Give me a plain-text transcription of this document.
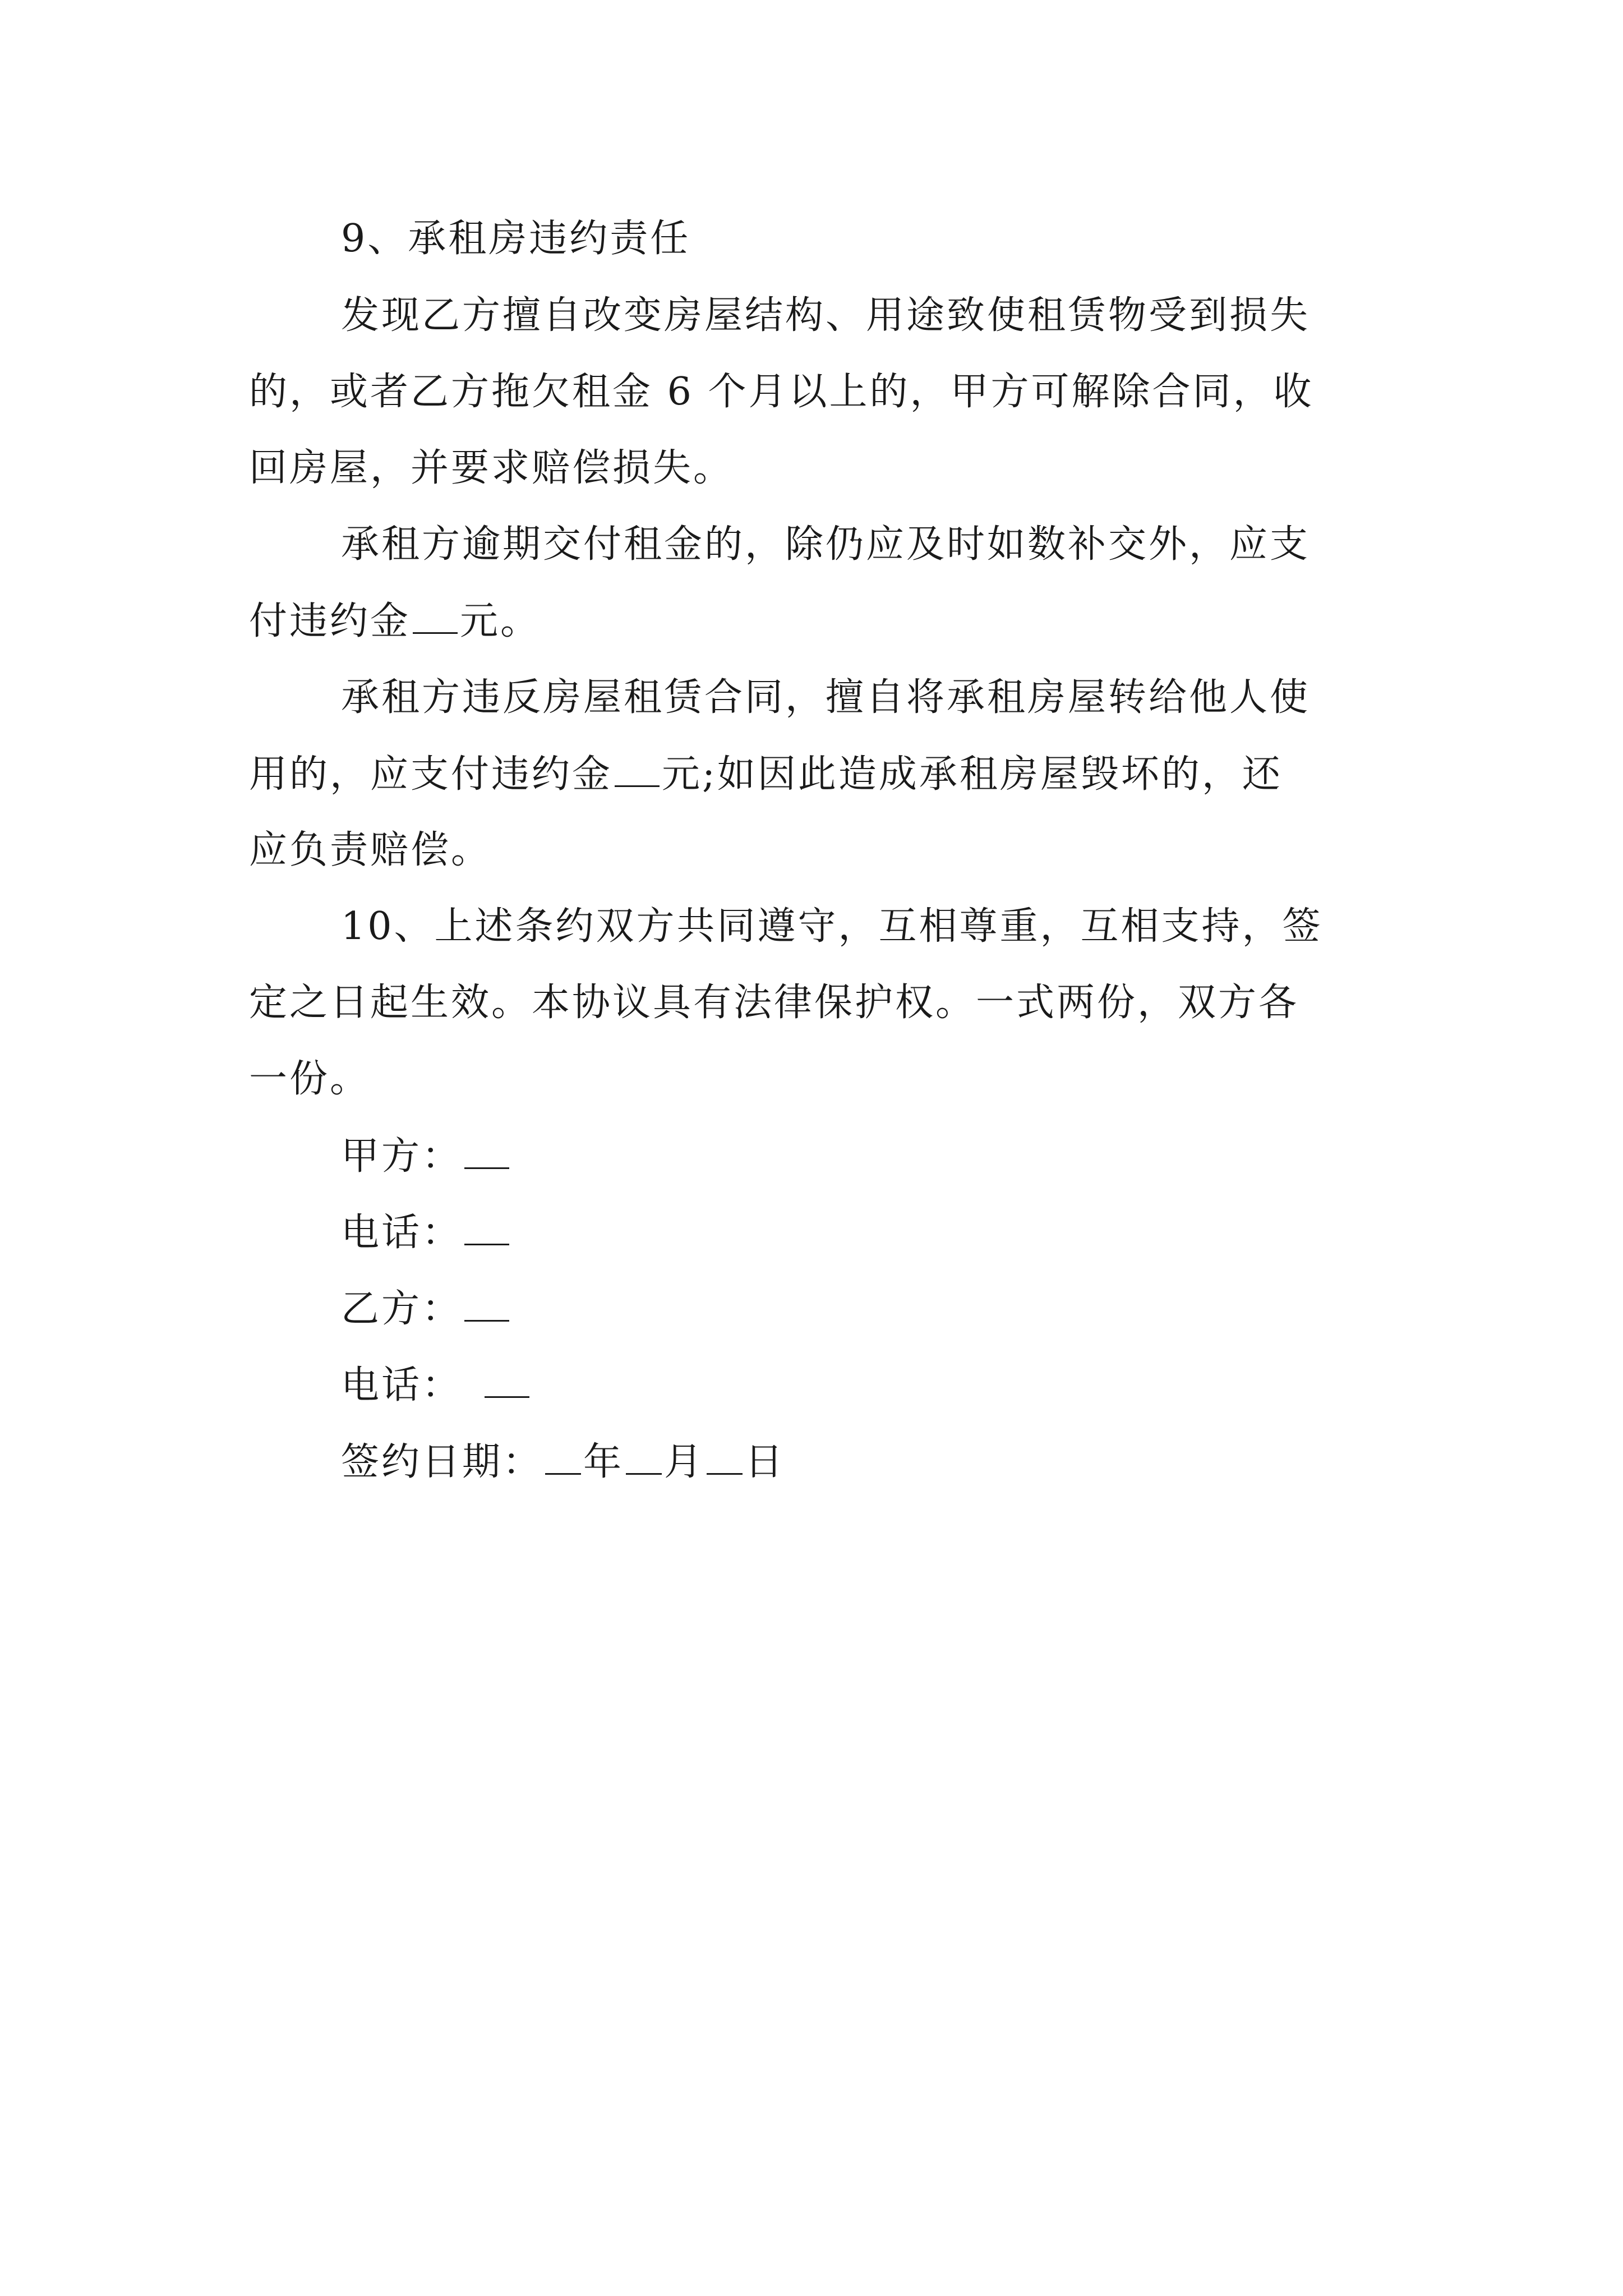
9、承租房违约责任
发现乙方擅自改变房屋结构、用途致使租赁物受到损失
的，或者乙方拖欠租金 6 个月以上的，甲方可解除合同，收
回房屋，并要求赔偿损失。
承租方逾期交付租金的，除仍应及时如数补交外，应支
付违约金 元。
承租方违反房屋租赁合同，擅自将承租房屋转给他人使
用的，应支付违约金 元;如因此造成承租房屋毁坏的，还
应负责赔偿。
10、上述条约双方共同遵守，互相尊重，互相支持，签
定之日起生效。本协议具有法律保护权。一式两份，双方各
一份。
甲方：
电话：
乙方：
电话：
签约日期： 年 月 日
